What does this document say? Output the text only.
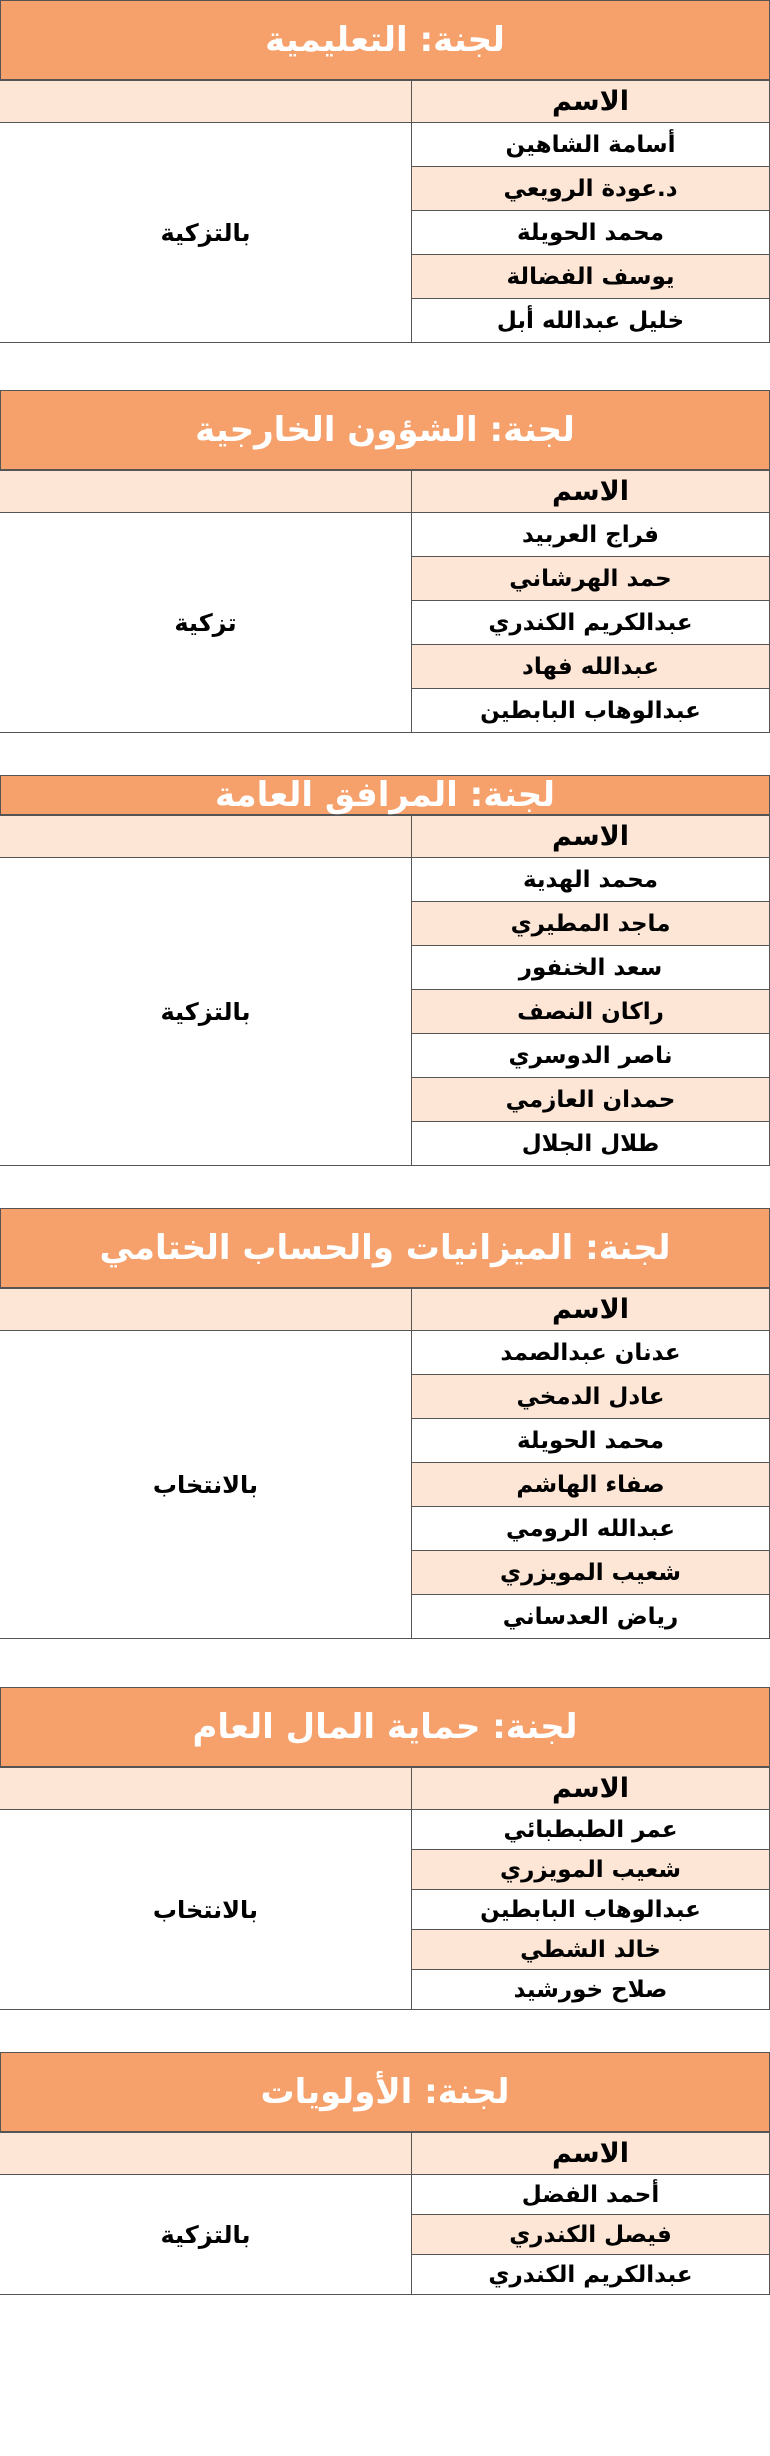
لجنة: التعليمية
الاسم	
أسامة الشاهين	بالتزكية
د.عودة الرويعي	
محمد الحويلة	
يوسف الفضالة	
خليل عبدالله أبل	
لجنة: الشؤون الخارجية
الاسم	
فراج العربيد	تزكية
حمد الهرشاني	
عبدالكريم الكندري	
عبدالله فهاد	
عبدالوهاب البابطين	
لجنة: المرافق العامة
الاسم	
محمد الهدية	بالتزكية
ماجد المطيري	
سعد الخنفور	
راكان النصف	
ناصر الدوسري	
حمدان العازمي	
طلال الجلال	
لجنة: الميزانيات والحساب الختامي
الاسم	
عدنان عبدالصمد	بالانتخاب
عادل الدمخي	
محمد الحويلة	
صفاء الهاشم	
عبدالله الرومي	
شعيب المويزري	
رياض العدساني	
لجنة: حماية المال العام
الاسم	
عمر الطبطبائي	بالانتخاب
شعيب المويزري	
عبدالوهاب البابطين	
خالد الشطي	
صلاح خورشيد	
لجنة: الأولويات
الاسم	
أحمد الفضل	بالتزكية
فيصل الكندري	
عبدالكريم الكندري	
